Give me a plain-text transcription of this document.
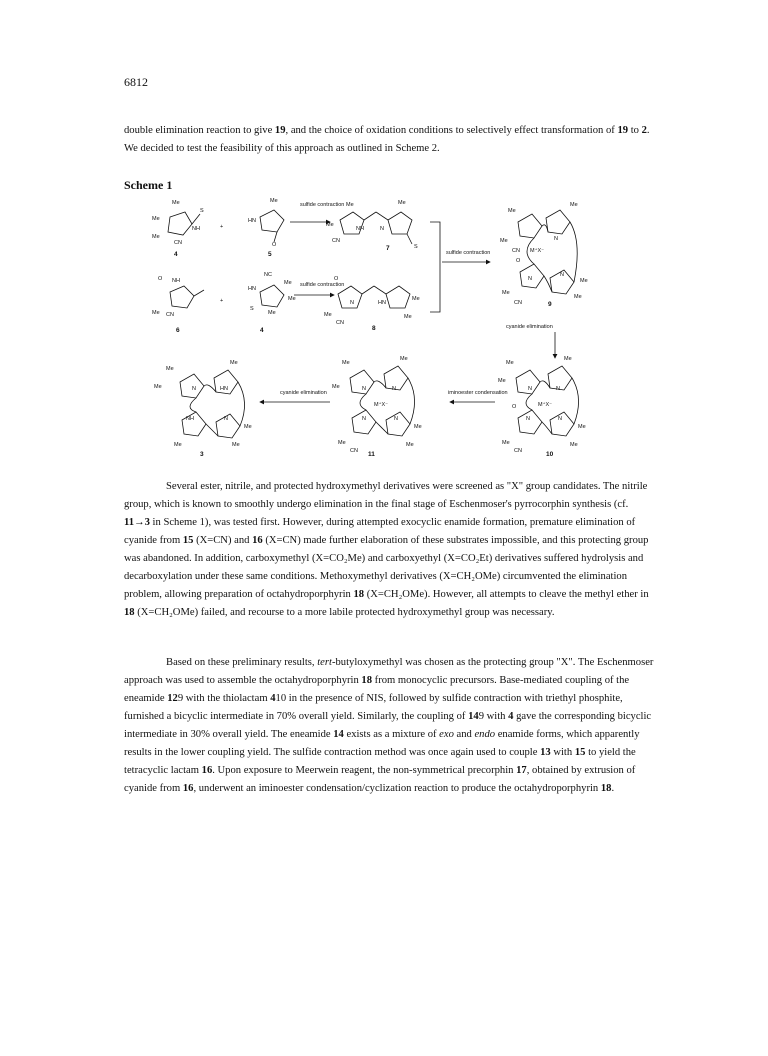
6812
double elimination reaction to give 19, and the choice of oxidation conditions to selectively effect transformation of 19 to 2. We decided to test the feasibility of this approach as outlined in Scheme 2.
Scheme 1
sulfide contraction
sulfide contraction
sulfide contraction
cyanide elimination
iminoester condensation
cyanide elimination
Me
Me
NH
S
Me
CN
+
HN
Me
O
Me
Me
NH	N
Me
S
CN
Me
Me
Me
CN M⁺X⁻
N
O
N
N
Me
Me
CN
Me
O NH
Me CN
+
NC
HN
Me
Me
S
Me
O
N	HN
Me
Me
CN
Me
Me
Me
Me	N	HN
NH	N
Me
Me	Me
Me
Me
Me	N	N
M⁺X⁻
N	N
Me
Me
CN
Me
Me
Me
Me
N	N
M⁺X⁻
O
N	N
Me
Me
CN
Me
4	5
7
6	4	8
9
3	11	10

Several ester, nitrile, and protected hydroxymethyl derivatives were screened as "X" group candidates. The nitrile group, which is known to smoothly undergo elimination in the final stage of Eschenmoser's pyrrocorphin synthesis (cf. 11→3 in Scheme 1), was tested first. However, during attempted exocyclic enamide formation, premature elimination of cyanide from 15 (X=CN) and 16 (X=CN) made further elaboration of these substrates impossible, and this protecting group was abandoned. In addition, carboxymethyl (X=CO₂Me) and carboxyethyl (X=CO₂Et) derivatives suffered hydrolysis and decarboxylation under these same conditions. Methoxymethyl derivatives (X=CH₂OMe) circumvented the elimination problem, allowing preparation of octahydroporphyrin 18 (X=CH₂OMe). However, all attempts to cleave the methyl ether in 18 (X=CH₂OMe) failed, and recourse to a more labile protected hydroxymethyl group was necessary.

Based on these preliminary results, tert-butyloxymethyl was chosen as the protecting group "X". The Eschenmoser approach was used to assemble the octahydroporphyrin 18 from monocyclic precursors. Base-mediated coupling of the eneamide 129 with the thiolactam 410 in the presence of NIS, followed by sulfide contraction with triethyl phosphite, furnished a bicyclic intermediate in 70% overall yield. Similarly, the coupling of 149 with 4 gave the corresponding bicyclic intermediate in 30% overall yield. The eneamide 14 exists as a mixture of exo and endo enamide forms, which apparently results in the lower coupling yield. The sulfide contraction method was once again used to couple 13 with 15 to yield the tetracyclic lactam 16. Upon exposure to Meerwein reagent, the non-symmetrical precorphin 17, obtained by extrusion of cyanide from 16, underwent an iminoester condensation/cyclization reaction to produce the octahydroporphyrin 18.
